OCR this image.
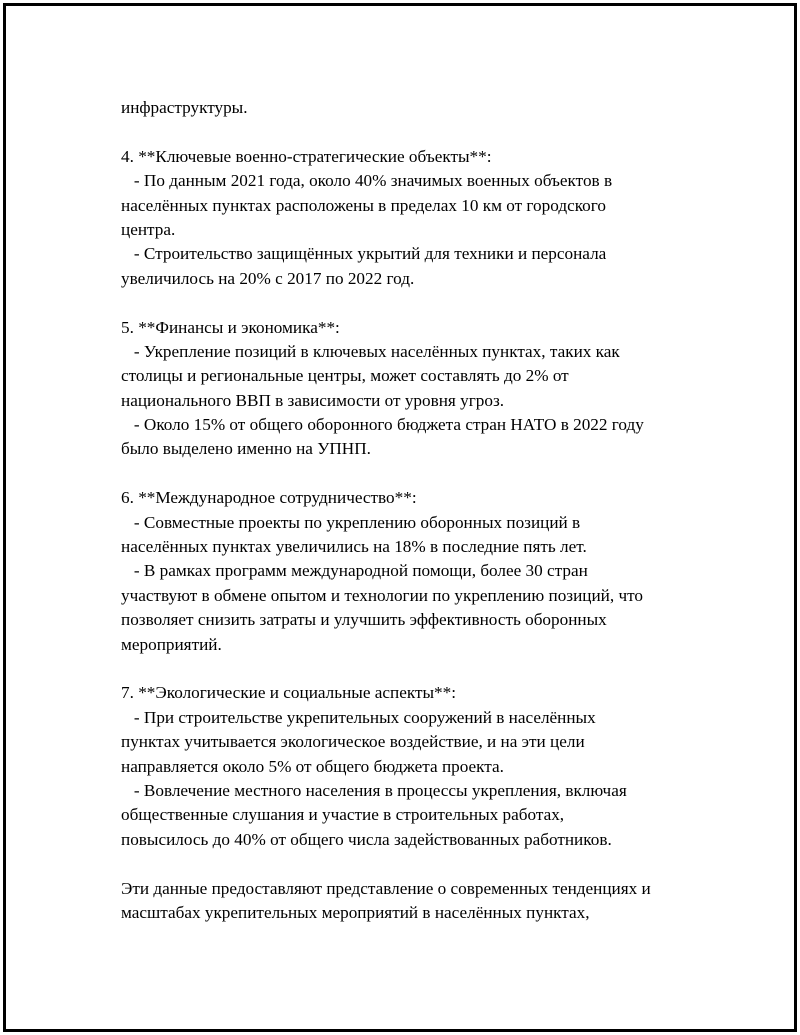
инфраструктуры.
4. **Ключевые военно-стратегические объекты**:
- По данным 2021 года, около 40% значимых военных объектов в
населённых пунктах расположены в пределах 10 км от городского
центра.
- Строительство защищённых укрытий для техники и персонала
увеличилось на 20% с 2017 по 2022 год.
5. **Финансы и экономика**:
- Укрепление позиций в ключевых населённых пунктах, таких как
столицы и региональные центры, может составлять до 2% от
национального ВВП в зависимости от уровня угроз.
- Около 15% от общего оборонного бюджета стран НАТО в 2022 году
было выделено именно на УПНП.
6. **Международное сотрудничество**:
- Совместные проекты по укреплению оборонных позиций в
населённых пунктах увеличились на 18% в последние пять лет.
- В рамках программ международной помощи, более 30 стран
участвуют в обмене опытом и технологии по укреплению позиций, что
позволяет снизить затраты и улучшить эффективность оборонных
мероприятий.
7. **Экологические и социальные аспекты**:
- При строительстве укрепительных сооружений в населённых
пунктах учитывается экологическое воздействие, и на эти цели
направляется около 5% от общего бюджета проекта.
- Вовлечение местного населения в процессы укрепления, включая
общественные слушания и участие в строительных работах,
повысилось до 40% от общего числа задействованных работников.
Эти данные предоставляют представление о современных тенденциях и
масштабах укрепительных мероприятий в населённых пунктах,
